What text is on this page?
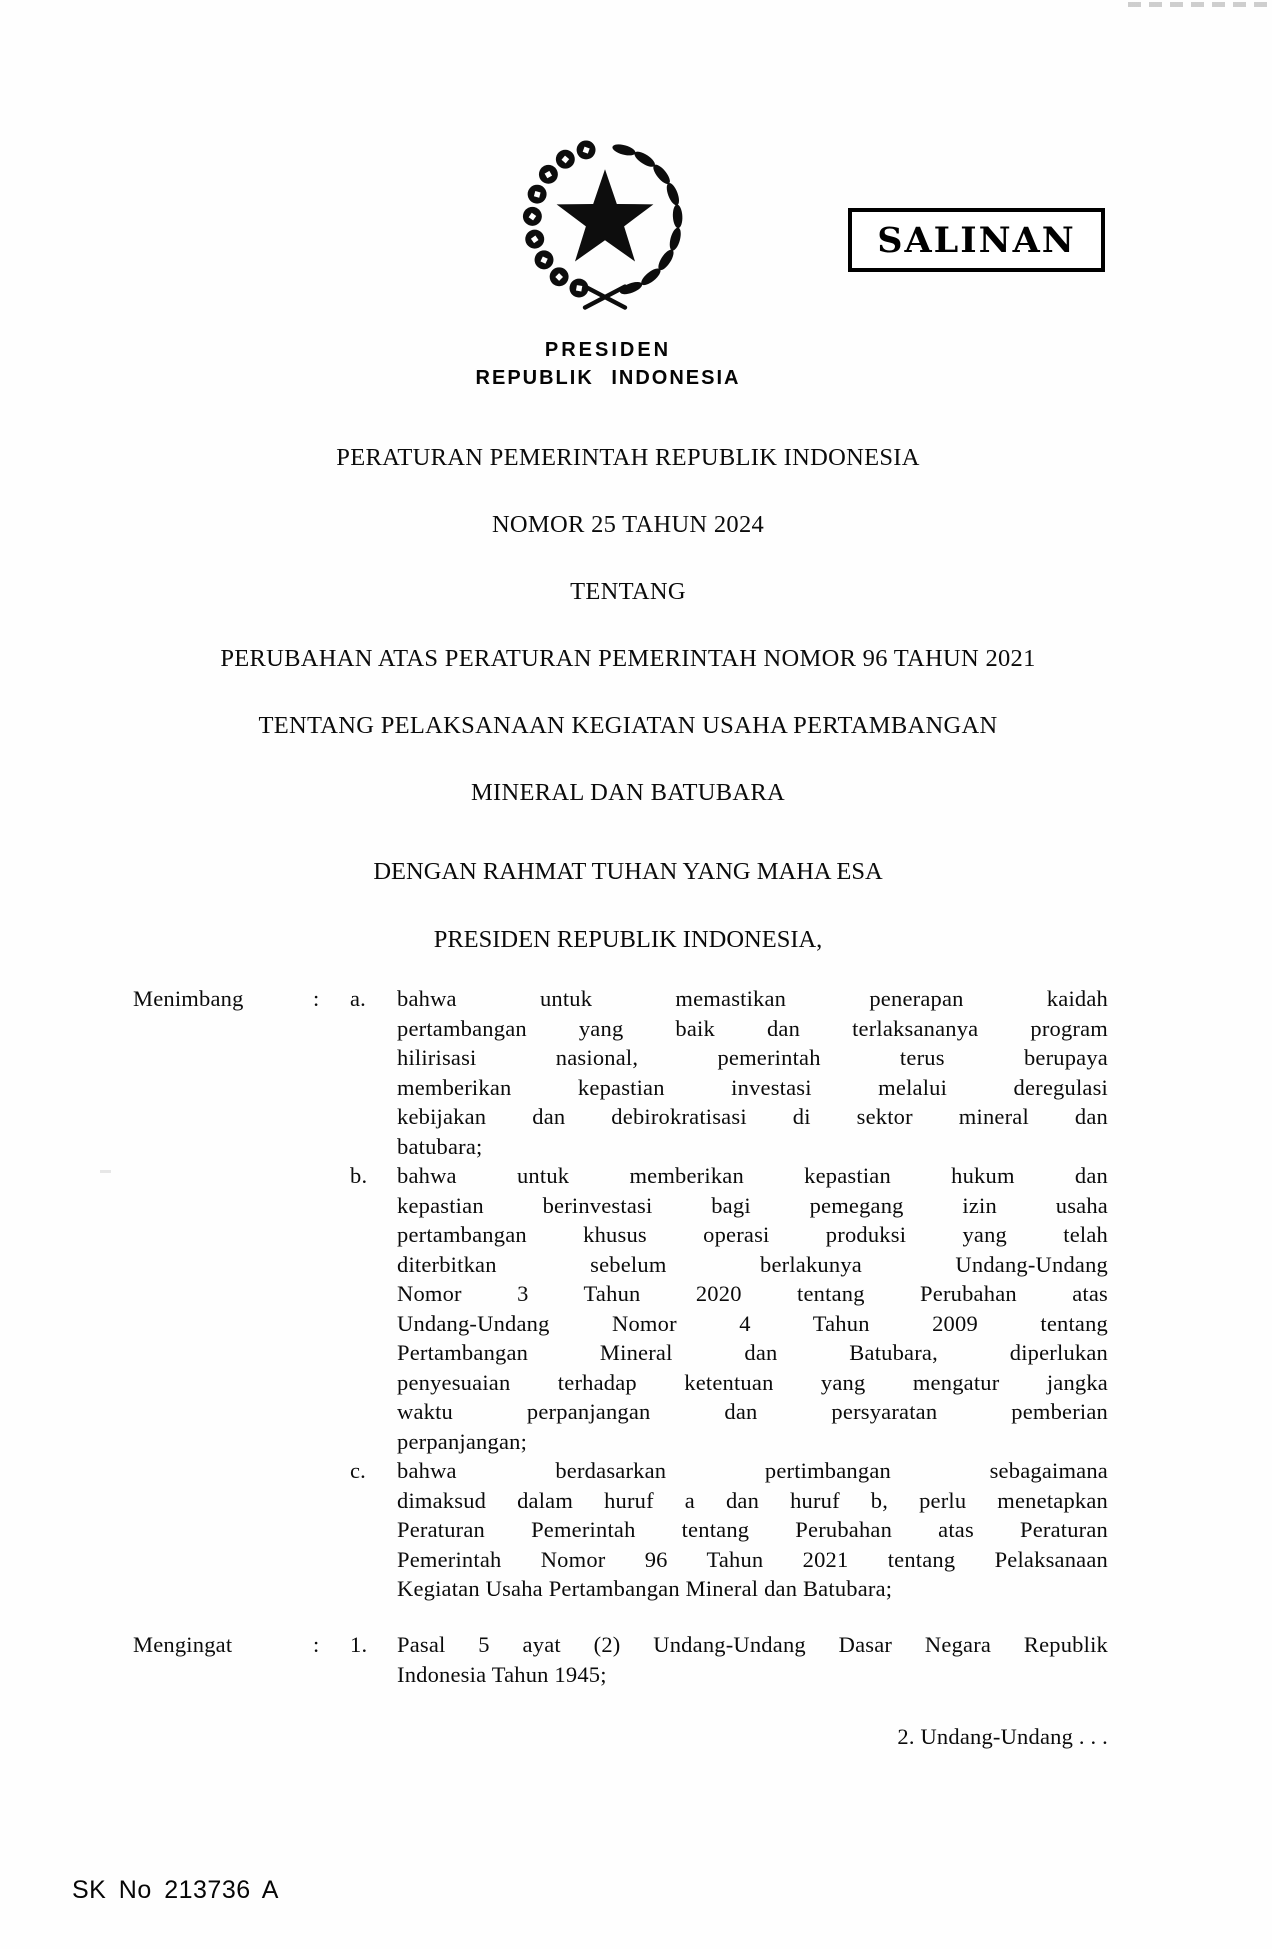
SALINAN
PRESIDEN
REPUBLIK INDONESIA
PERATURAN PEMERINTAH REPUBLIK INDONESIA
NOMOR 25 TAHUN 2024
TENTANG
PERUBAHAN ATAS PERATURAN PEMERINTAH NOMOR 96 TAHUN 2021
TENTANG PELAKSANAAN KEGIATAN USAHA PERTAMBANGAN
MINERAL DAN BATUBARA
DENGAN RAHMAT TUHAN YANG MAHA ESA
PRESIDEN REPUBLIK INDONESIA,
Menimbang	:	a.	bahwa untuk memastikan penerapan kaidah
pertambangan yang baik dan terlaksananya program
hilirisasi nasional, pemerintah terus berupaya
memberikan kepastian investasi melalui deregulasi
kebijakan dan debirokratisasi di sektor mineral dan
batubara;
b.	bahwa untuk memberikan kepastian hukum dan
kepastian berinvestasi bagi pemegang izin usaha
pertambangan khusus operasi produksi yang telah
diterbitkan sebelum berlakunya Undang-Undang
Nomor 3 Tahun 2020 tentang Perubahan atas
Undang-Undang Nomor 4 Tahun 2009 tentang
Pertambangan Mineral dan Batubara, diperlukan
penyesuaian terhadap ketentuan yang mengatur jangka
waktu perpanjangan dan persyaratan pemberian
perpanjangan;
c.	bahwa berdasarkan pertimbangan sebagaimana
dimaksud dalam huruf a dan huruf b, perlu menetapkan
Peraturan Pemerintah tentang Perubahan atas Peraturan
Pemerintah Nomor 96 Tahun 2021 tentang Pelaksanaan
Kegiatan Usaha Pertambangan Mineral dan Batubara;
Mengingat	:	1.	Pasal 5 ayat (2) Undang-Undang Dasar Negara Republik
Indonesia Tahun 1945;
2. Undang-Undang . . .
SK No 213736 A
